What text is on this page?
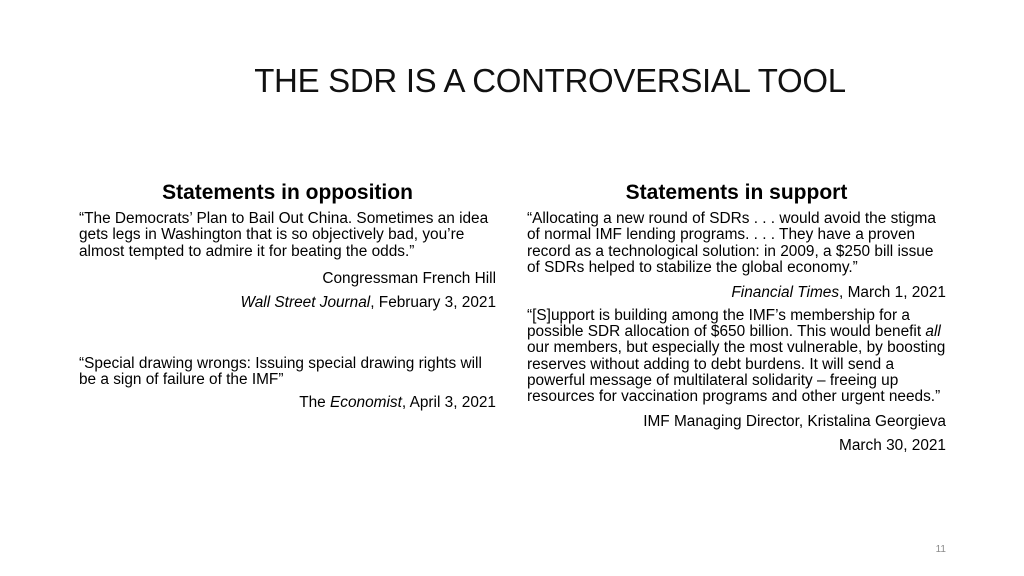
THE SDR IS A CONTROVERSIAL TOOL

Statements in opposition

“The Democrats’ Plan to Bail Out China. Sometimes an idea gets legs in Washington that is so objectively bad, you’re almost tempted to admire it for beating the odds.”

Congressman French Hill

Wall Street Journal, February 3, 2021

“Special drawing wrongs: Issuing special drawing rights will be a sign of failure of the IMF”

The Economist, April 3, 2021

Statements in support

“Allocating a new round of SDRs . . . would avoid the stigma of normal IMF lending programs. . . . They have a proven record as a technological solution: in 2009, a $250 bill issue of SDRs helped to stabilize the global economy.”

Financial Times, March 1, 2021

“[S]upport is building among the IMF’s membership for a possible SDR allocation of $650 billion. This would benefit all our members, but especially the most vulnerable, by boosting reserves without adding to debt burdens. It will send a powerful message of multilateral solidarity – freeing up resources for vaccination programs and other urgent needs.”

IMF Managing Director, Kristalina Georgieva

March 30, 2021

11
